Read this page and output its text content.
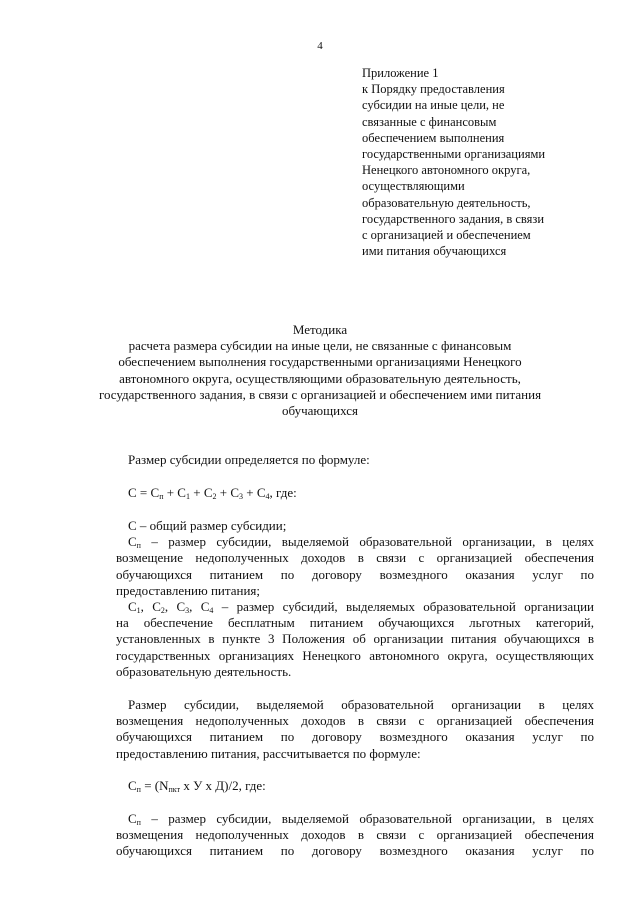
4
Приложение 1
к Порядку предоставления
субсидии на иные цели, не
связанные с финансовым
обеспечением выполнения
государственными организациями
Ненецкого автономного округа,
осуществляющими
образовательную деятельность,
государственного задания, в связи
с организацией и обеспечением
ими питания обучающихся
Методика
расчета размера субсидии на иные цели, не связанные с финансовым
обеспечением выполнения государственными организациями Ненецкого
автономного округа, осуществляющими образовательную деятельность,
государственного задания, в связи с организацией и обеспечением ими питания
обучающихся
Размер субсидии определяется по формуле:
$С = С_п + С_1 + С_2 + С_3 + С_4$, где:
С – общий размер субсидии;
$С_п$ – размер субсидии, выделяемой образовательной организации, в целях
возмещение недополученных доходов в связи с организацией обеспечения
обучающихся питанием по договору возмездного оказания услуг по
предоставлению питания;
$С_1$, $С_2$, $С_3$, $С_4$ – размер субсидий, выделяемых образовательной организации
на обеспечение бесплатным питанием обучающихся льготных категорий,
установленных в пункте 3 Положения об организации питания обучающихся в
государственных организациях Ненецкого автономного округа, осуществляющих
образовательную деятельность.
Размер субсидии, выделяемой образовательной организации в целях
возмещения недополученных доходов в связи с организацией обеспечения
обучающихся питанием по договору возмездного оказания услуг по
предоставлению питания, рассчитывается по формуле:
$С_п = (N_{пкт}$ х У х Д)/2, где:
$С_п$ – размер субсидии, выделяемой образовательной организации, в целях
возмещения недополученных доходов в связи с организацией обеспечения
обучающихся питанием по договору возмездного оказания услуг по
